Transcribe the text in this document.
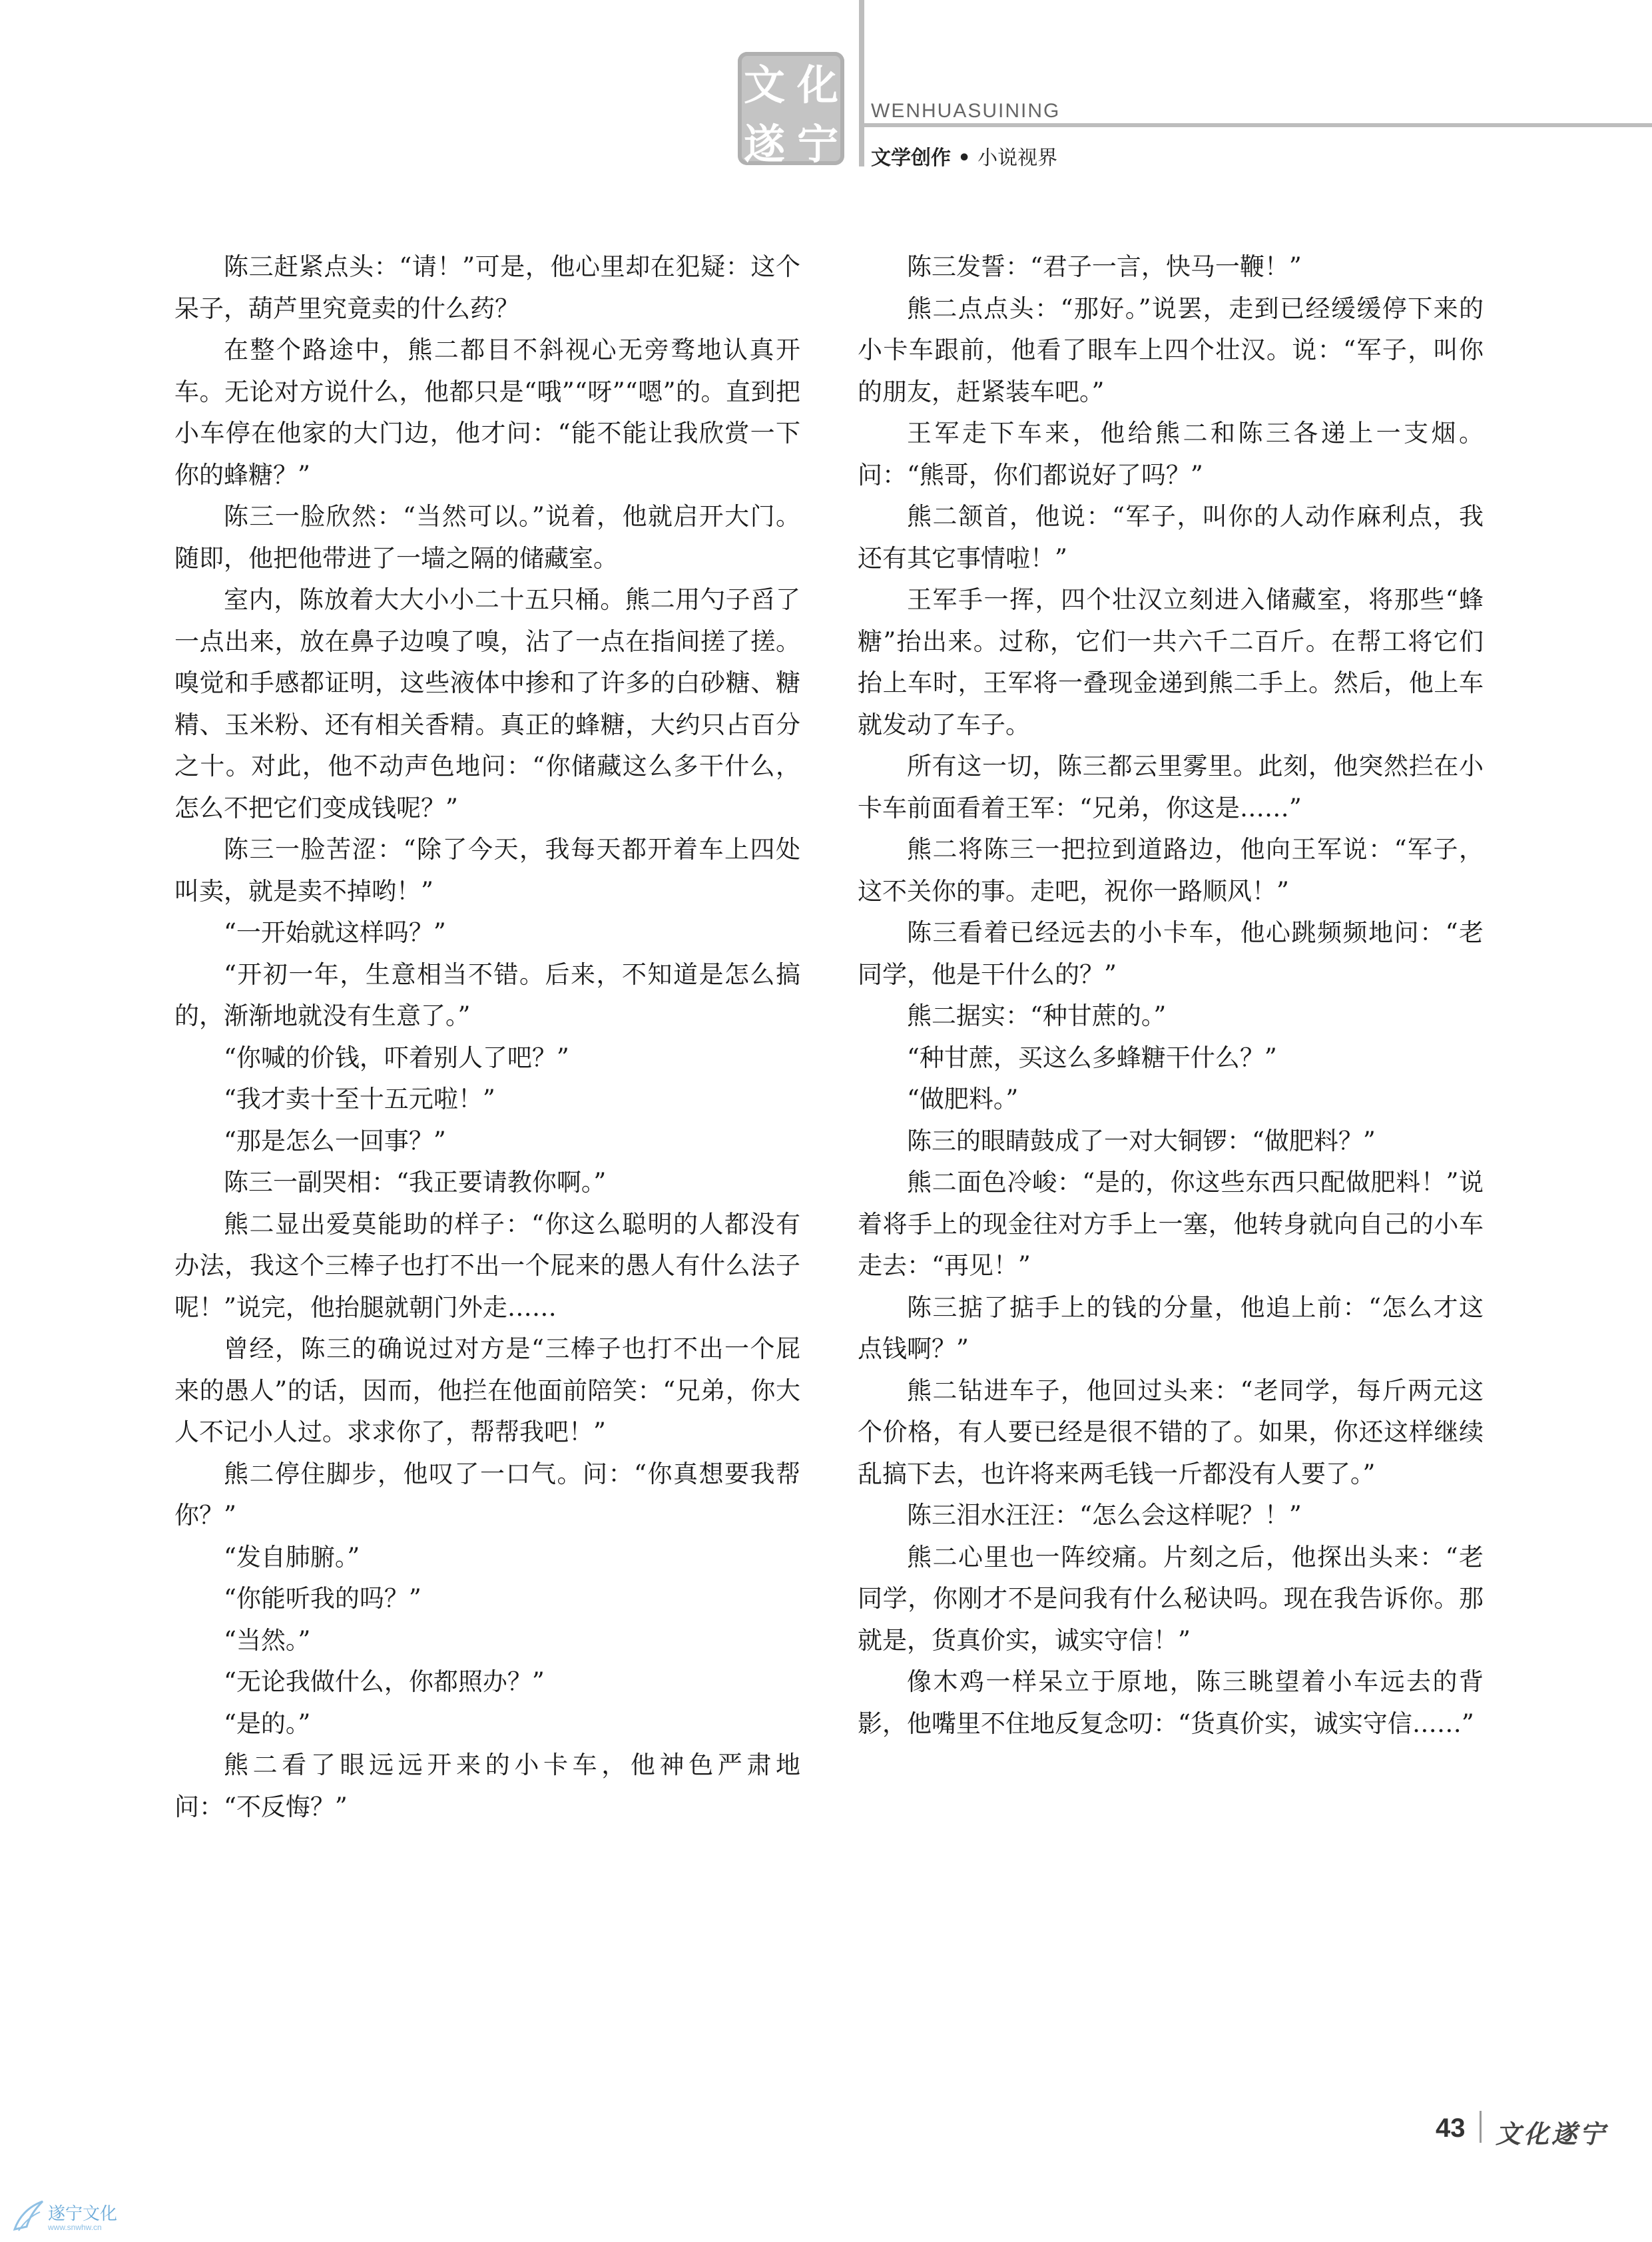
文 化
遂 宁
WENHUASUINING
文学创作 • 小说视界

陈三赶紧点头：“请！”可是，他心里却在犯疑：这个呆子，葫芦里究竟卖的什么药？

在整个路途中，熊二都目不斜视心无旁骛地认真开车。无论对方说什么，他都只是“哦”“呀”“嗯”的。直到把小车停在他家的大门边，他才问：“能不能让我欣赏一下你的蜂糖？”

陈三一脸欣然：“当然可以。”说着，他就启开大门。随即，他把他带进了一墙之隔的储藏室。

室内，陈放着大大小小二十五只桶。熊二用勺子舀了一点出来，放在鼻子边嗅了嗅，沾了一点在指间搓了搓。嗅觉和手感都证明，这些液体中掺和了许多的白砂糖、糖精、玉米粉、还有相关香精。真正的蜂糖，大约只占百分之十。对此，他不动声色地问：“你储藏这么多干什么，怎么不把它们变成钱呢？”

陈三一脸苦涩：“除了今天，我每天都开着车上四处叫卖，就是卖不掉哟！”

“一开始就这样吗？”

“开初一年，生意相当不错。后来，不知道是怎么搞的，渐渐地就没有生意了。”

“你喊的价钱，吓着别人了吧？”

“我才卖十至十五元啦！”

“那是怎么一回事？”

陈三一副哭相：“我正要请教你啊。”

熊二显出爱莫能助的样子：“你这么聪明的人都没有办法，我这个三棒子也打不出一个屁来的愚人有什么法子呢！”说完，他抬腿就朝门外走……

曾经，陈三的确说过对方是“三棒子也打不出一个屁来的愚人”的话，因而，他拦在他面前陪笑：“兄弟，你大人不记小人过。求求你了，帮帮我吧！”

熊二停住脚步，他叹了一口气。问：“你真想要我帮你？”

“发自肺腑。”

“你能听我的吗？”

“当然。”

“无论我做什么，你都照办？”

“是的。”

熊二看了眼远远开来的小卡车，他神色严肃地问：“不反悔？”

陈三发誓：“君子一言，快马一鞭！”

熊二点点头：“那好。”说罢，走到已经缓缓停下来的小卡车跟前，他看了眼车上四个壮汉。说：“军子，叫你的朋友，赶紧装车吧。”

王军走下车来，他给熊二和陈三各递上一支烟。问：“熊哥，你们都说好了吗？”

熊二颔首，他说：“军子，叫你的人动作麻利点，我还有其它事情啦！”

王军手一挥，四个壮汉立刻进入储藏室，将那些“蜂糖”抬出来。过称，它们一共六千二百斤。在帮工将它们抬上车时，王军将一叠现金递到熊二手上。然后，他上车就发动了车子。

所有这一切，陈三都云里雾里。此刻，他突然拦在小卡车前面看着王军：“兄弟，你这是……”

熊二将陈三一把拉到道路边，他向王军说：“军子，这不关你的事。走吧，祝你一路顺风！”

陈三看着已经远去的小卡车，他心跳频频地问：“老同学，他是干什么的？”

熊二据实：“种甘蔗的。”

“种甘蔗，买这么多蜂糖干什么？”

“做肥料。”

陈三的眼睛鼓成了一对大铜锣：“做肥料？”

熊二面色冷峻：“是的，你这些东西只配做肥料！”说着将手上的现金往对方手上一塞，他转身就向自己的小车走去：“再见！”

陈三掂了掂手上的钱的分量，他追上前：“怎么才这点钱啊？”

熊二钻进车子，他回过头来：“老同学，每斤两元这个价格，有人要已经是很不错的了。如果，你还这样继续乱搞下去，也许将来两毛钱一斤都没有人要了。”

陈三泪水汪汪：“怎么会这样呢？！”

熊二心里也一阵绞痛。片刻之后，他探出头来：“老同学，你刚才不是问我有什么秘诀吗。现在我告诉你。那就是，货真价实，诚实守信！”

像木鸡一样呆立于原地，陈三眺望着小车远去的背影，他嘴里不住地反复念叨：“货真价实，诚实守信……”

43 文化遂宁
遂宁文化
www.snwhw.cn
